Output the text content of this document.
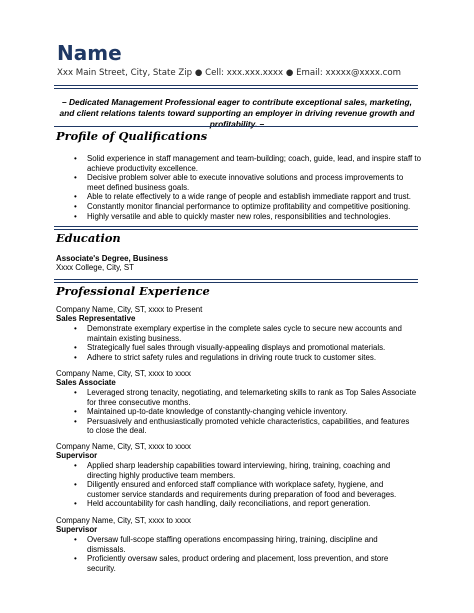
Name
Xxx Main Street, City, State Zip ● Cell: xxx.xxx.xxxx ● Email: xxxxx@xxxx.com
– Dedicated Management Professional eager to contribute exceptional sales, marketing, and client relations talents toward supporting an employer in driving revenue growth and profitability. –
Profile of Qualifications
• Solid experience in staff management and team-building; coach, guide, lead, and inspire staff to achieve productivity excellence.
• Decisive problem solver able to execute innovative solutions and process improvements to meet defined business goals.
• Able to relate effectively to a wide range of people and establish immediate rapport and trust.
• Constantly monitor financial performance to optimize profitability and competitive positioning.
• Highly versatile and able to quickly master new roles, responsibilities and technologies.
Education
Associate's Degree, Business
Xxxx College, City, ST
Professional Experience
Company Name, City, ST, xxxx to Present
Sales Representative
• Demonstrate exemplary expertise in the complete sales cycle to secure new accounts and maintain existing business.
• Strategically fuel sales through visually-appealing displays and promotional materials.
• Adhere to strict safety rules and regulations in driving route truck to customer sites.
Company Name, City, ST, xxxx to xxxx
Sales Associate
• Leveraged strong tenacity, negotiating, and telemarketing skills to rank as Top Sales Associate for three consecutive months.
• Maintained up-to-date knowledge of constantly-changing vehicle inventory.
• Persuasively and enthusiastically promoted vehicle characteristics, capabilities, and features to close the deal.
Company Name, City, ST, xxxx to xxxx
Supervisor
• Applied sharp leadership capabilities toward interviewing, hiring, training, coaching and directing highly productive team members.
• Diligently ensured and enforced staff compliance with workplace safety, hygiene, and customer service standards and requirements during preparation of food and beverages.
• Held accountability for cash handling, daily reconciliations, and report generation.
Company Name, City, ST, xxxx to xxxx
Supervisor
• Oversaw full-scope staffing operations encompassing hiring, training, discipline and dismissals.
• Proficiently oversaw sales, product ordering and placement, loss prevention, and store security.
